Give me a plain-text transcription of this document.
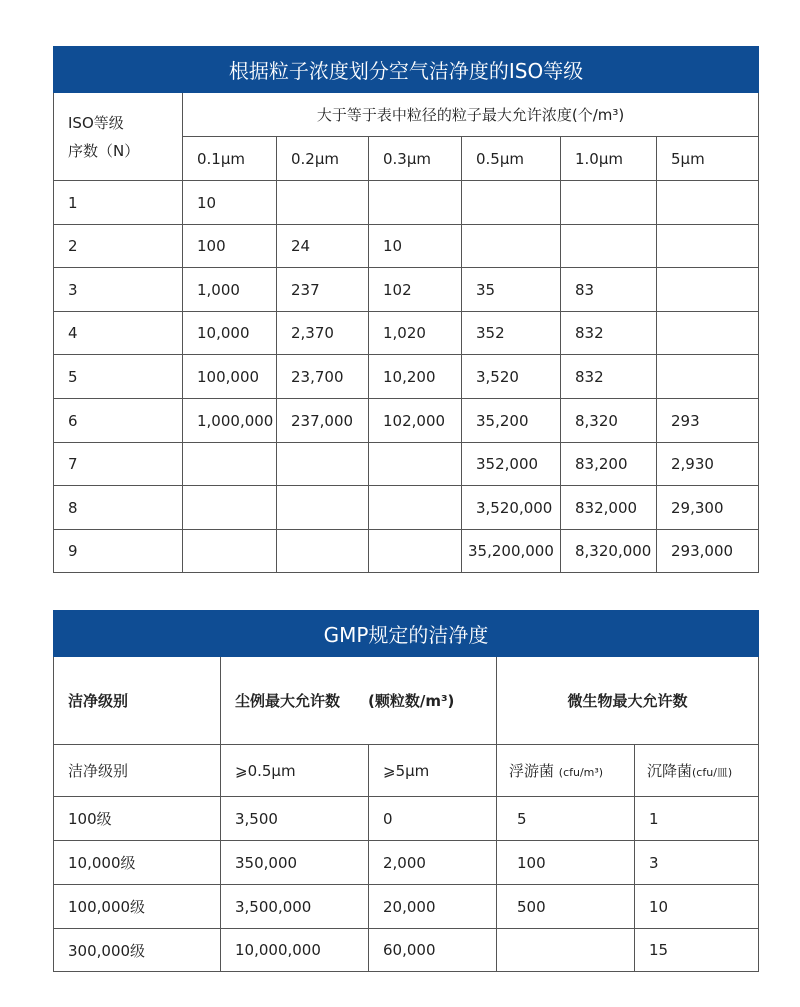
根据粒子浓度划分空气洁净度的ISO等级						
ISO等级
序数（N）	大于等于表中粒径的粒子最大允许浓度(个/m³)					
	0.1µm	0.2µm	0.3µm	0.5µm	1.0µm	5µm
1	10					
2	100	24	10			
3	1,000	237	102	35	83	
4	10,000	2,370	1,020	352	832	
5	100,000	23,700	10,200	3,520	832	
6	1,000,000	237,000	102,000	35,200	8,320	293
7				352,000	83,200	2,930
8				3,520,000	832,000	29,300
9				35,200,000	8,320,000	293,000
GMP规定的洁净度				
洁净级别	尘例最大允许数 (颗粒数/m³)		微生物最大允许数	
洁净级别	⩾0.5µm	⩾5µm	浮游菌 (cfu/m³)	沉降菌(cfu/皿)
100级	3,500	0	5	1
10,000级	350,000	2,000	100	3
100,000级	3,500,000	20,000	500	10
300,000级	10,000,000	60,000		15
